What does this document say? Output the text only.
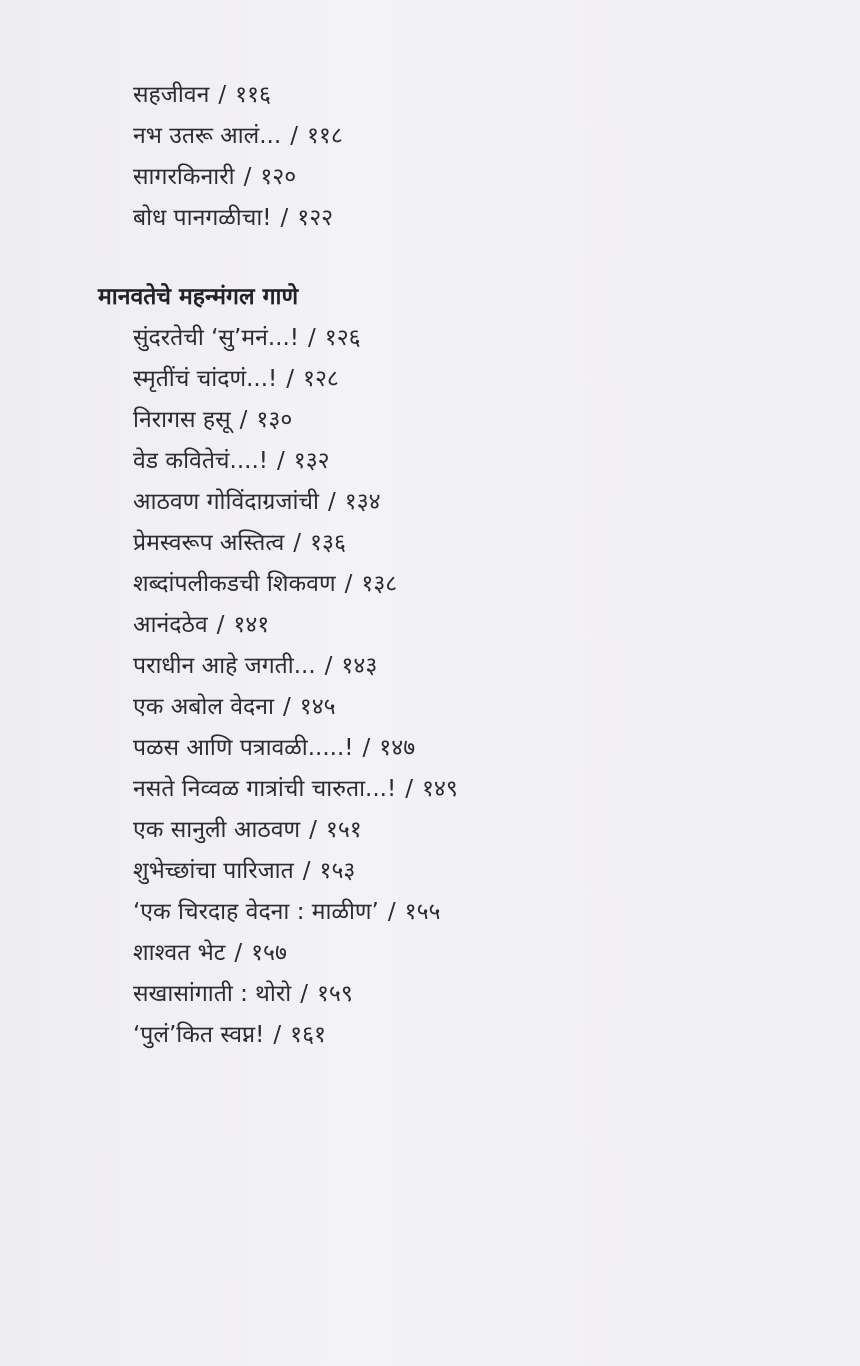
सहजीवन / ११६
नभ उतरू आलं... / ११८
सागरकिनारी / १२०
बोध पानगळीचा! / १२२
मानवतेचे महन्मंगल गाणे
सुंदरतेची ‘सु’मनं...! / १२६
स्मृतींचं चांदणं...! / १२८
निरागस हसू / १३०
वेड कवितेचं....! / १३२
आठवण गोविंदाग्रजांची / १३४
प्रेमस्वरूप अस्तित्व / १३६
शब्दांपलीकडची शिकवण / १३८
आनंदठेव / १४१
पराधीन आहे जगती... / १४३
एक अबोल वेदना / १४५
पळस आणि पत्रावळी.....! / १४७
नसते निव्वळ गात्रांची चारुता...! / १४९
एक सानुली आठवण / १५१
शुभेच्छांचा पारिजात / १५३
‘एक चिरदाह वेदना : माळीण’ / १५५
शाश्वत भेट / १५७
सखासांगाती : थोरो / १५९
‘पुलं’कित स्वप्न! / १६१
